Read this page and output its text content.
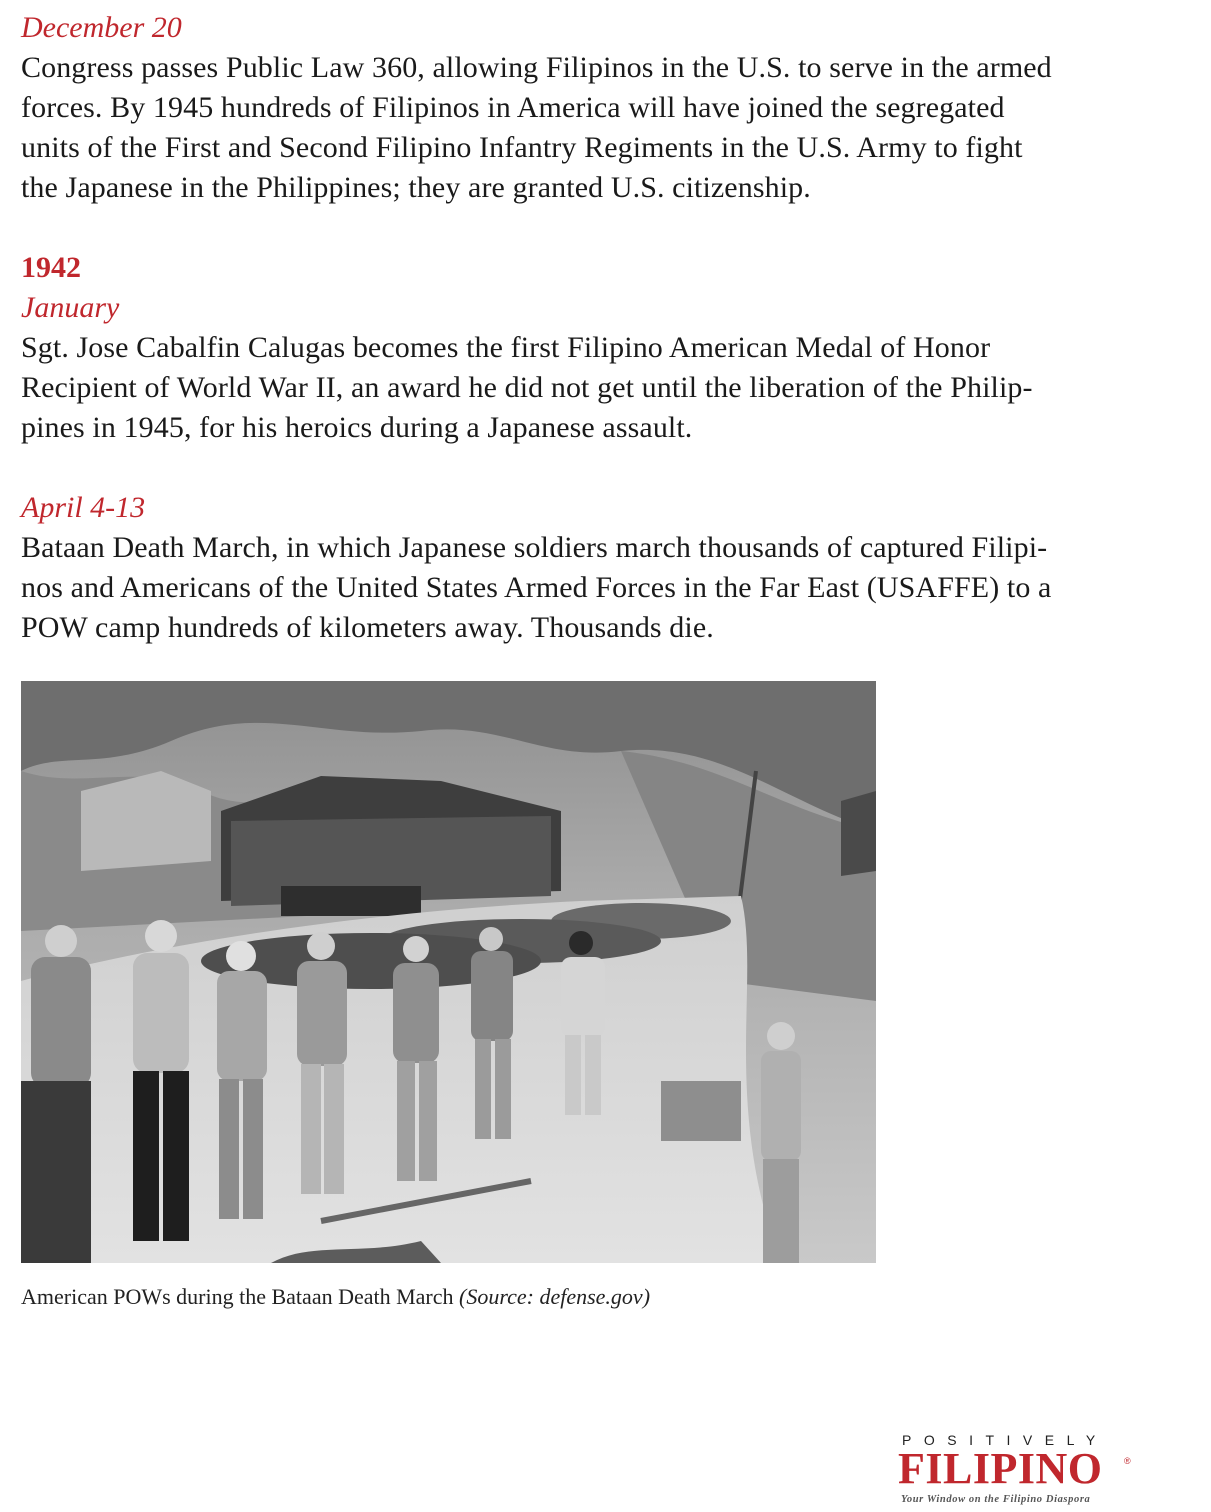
December 20

Congress passes Public Law 360, allowing Filipinos in the U.S. to serve in the armed

forces. By 1945 hundreds of Filipinos in America will have joined the segregated

units of the First and Second Filipino Infantry Regiments in the U.S. Army to fight

the Japanese in the Philippines; they are granted U.S. citizenship.

1942

January

Sgt. Jose Cabalfin Calugas becomes the first Filipino American Medal of Honor

Recipient of World War II, an award he did not get until the liberation of the Philip-

pines in 1945, for his heroics during a Japanese assault.

April 4-13

Bataan Death March, in which Japanese soldiers march thousands of captured Filipi-

nos and Americans of the United States Armed Forces in the Far East (USAFFE) to a

POW camp hundreds of kilometers away. Thousands die.

American POWs during the Bataan Death March (Source: defense.gov)
POSITIVELY
FILIPINO ®
Your Window on the Filipino Diaspora
